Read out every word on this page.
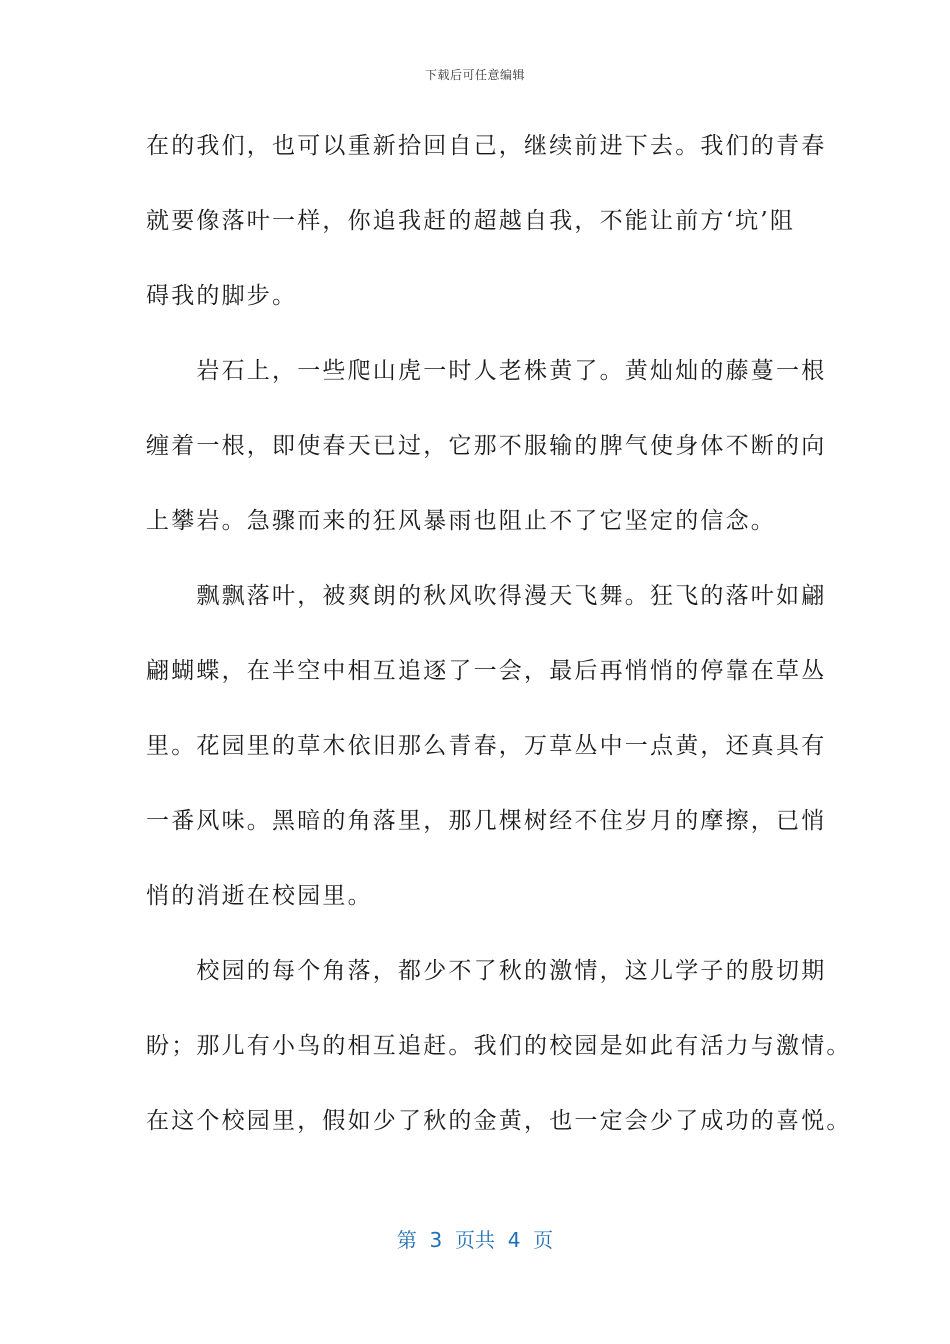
下载后可任意编辑
在的我们，也可以重新拾回自己，继续前进下去。我们的青春
就要像落叶一样，你追我赶的超越自我，不能让前方‘坑’阻
碍我的脚步。
　　岩石上，一些爬山虎一时人老株黄了。黄灿灿的藤蔓一根
缠着一根，即使春天已过，它那不服输的脾气使身体不断的向
上攀岩。急骤而来的狂风暴雨也阻止不了它坚定的信念。
　　飘飘落叶，被爽朗的秋风吹得漫天飞舞。狂飞的落叶如翩
翩蝴蝶，在半空中相互追逐了一会，最后再悄悄的停靠在草丛
里。花园里的草木依旧那么青春，万草丛中一点黄，还真具有
一番风味。黑暗的角落里，那几棵树经不住岁月的摩擦，已悄
悄的消逝在校园里。
　　校园的每个角落，都少不了秋的激情，这儿学子的殷切期
盼；那儿有小鸟的相互追赶。我们的校园是如此有活力与激情。
在这个校园里，假如少了秋的金黄，也一定会少了成功的喜悦。
第  3  页共  4  页
